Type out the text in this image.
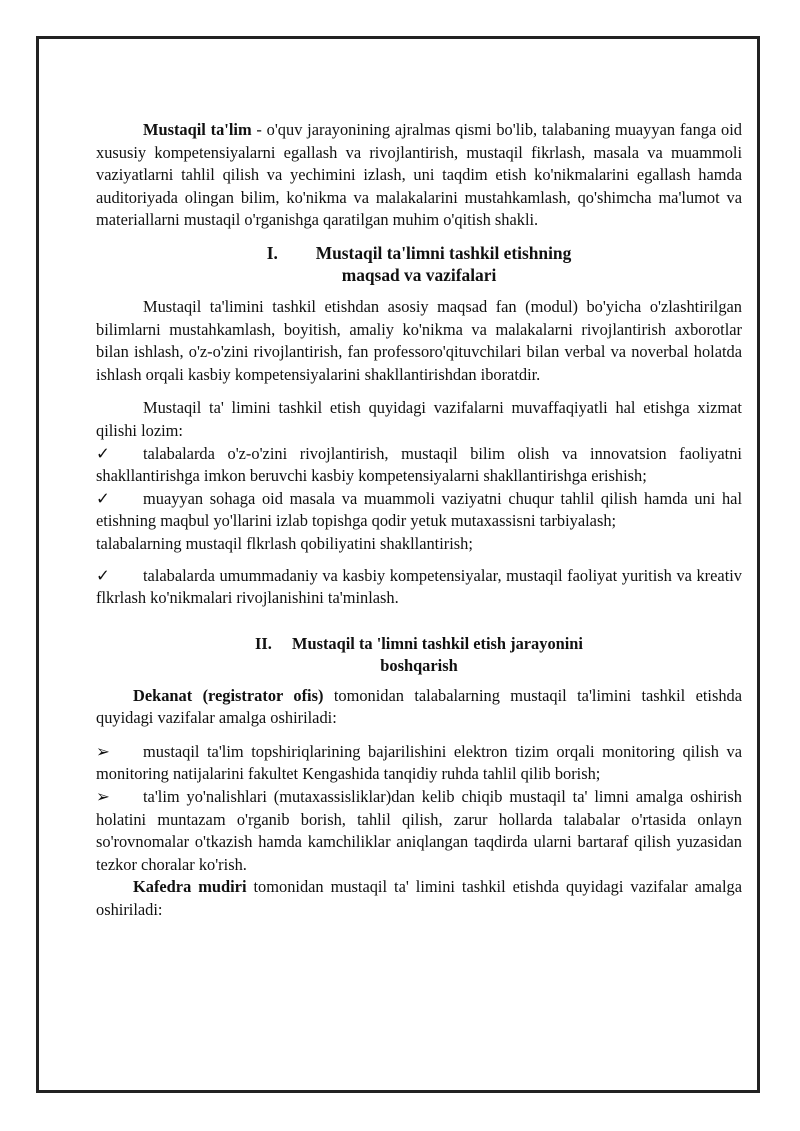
Mustaqil ta'lim - o'quv jarayonining ajralmas qismi bo'lib, talabaning muayyan fanga oid xususiy kompetensiyalarni egallash va rivojlantirish, mustaqil fikrlash, masala va muammoli vaziyatlarni tahlil qilish va yechimini izlash, uni taqdim etish ko'nikmalarini egallash hamda auditoriyada olingan bilim, ko'nikma va malakalarini mustahkamlash, qo'shimcha ma'lumot va materiallarni mustaqil o'rganishga qaratilgan muhim o'qitish shakli.

I. Mustaqil ta'limni tashkil etishning
maqsad va vazifalari

Mustaqil ta'limini tashkil etishdan asosiy maqsad fan (modul) bo'yicha o'zlashtirilgan bilimlarni mustahkamlash, boyitish, amaliy ko'nikma va malakalarni rivojlantirish axborotlar bilan ishlash, o'z-o'zini rivojlantirish, fan professoro'qituvchilari bilan verbal va noverbal holatda ishlash orqali kasbiy kompetensiyalarini shakllantirishdan iboratdir.

Mustaqil ta' limini tashkil etish quyidagi vazifalarni muvaffaqiyatli hal etishga xizmat qilishi lozim:

✓ talabalarda o'z-o'zini rivojlantirish, mustaqil bilim olish va innovatsion faoliyatni shakllantirishga imkon beruvchi kasbiy kompetensiyalarni shakllantirishga erishish;

✓ muayyan sohaga oid masala va muammoli vaziyatni chuqur tahlil qilish hamda uni hal etishning maqbul yo'llarini izlab topishga qodir yetuk mutaxassisni tarbiyalash;

talabalarning mustaqil flkrlash qobiliyatini shakllantirish;

✓ talabalarda umummadaniy va kasbiy kompetensiyalar, mustaqil faoliyat yuritish va kreativ flkrlash ko'nikmalari rivojlanishini ta'minlash.

II. Mustaqil ta 'limni tashkil etish jarayonini
boshqarish

Dekanat (registrator ofis) tomonidan talabalarning mustaqil ta'limini tashkil etishda quyidagi vazifalar amalga oshiriladi:

➢ mustaqil ta'lim topshiriqlarining bajarilishini elektron tizim orqali monitoring qilish va monitoring natijalarini fakultet Kengashida tanqidiy ruhda tahlil qilib borish;

➢ ta'lim yo'nalishlari (mutaxassisliklar)dan kelib chiqib mustaqil ta' limni amalga oshirish holatini muntazam o'rganib borish, tahlil qilish, zarur hollarda talabalar o'rtasida onlayn so'rovnomalar o'tkazish hamda kamchiliklar aniqlangan taqdirda ularni bartaraf qilish yuzasidan tezkor choralar ko'rish.

Kafedra mudiri tomonidan mustaqil ta' limini tashkil etishda quyidagi vazifalar amalga oshiriladi:
